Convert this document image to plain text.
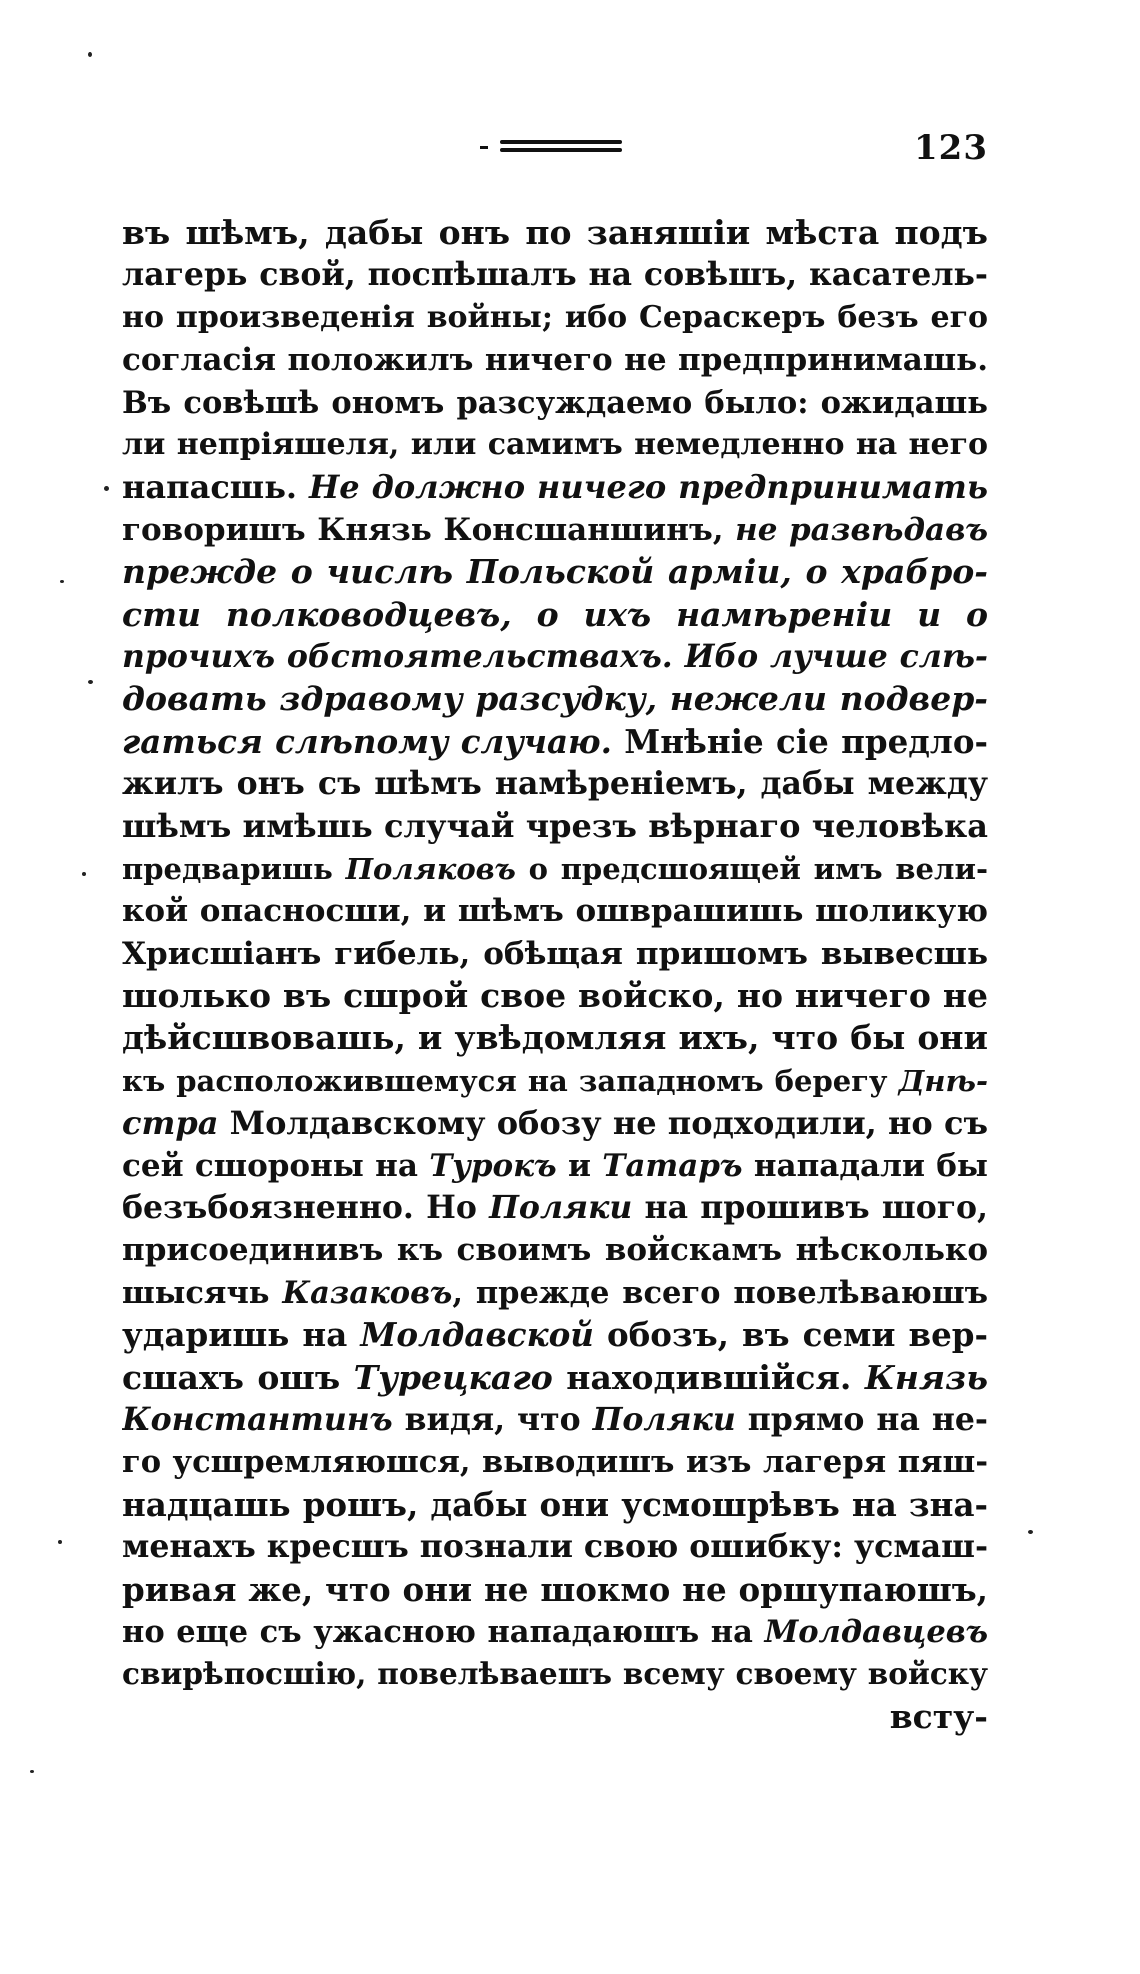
123
въ шѣмъ, дабы онъ по заняшіи мѣста подъ
лагерь свой, поспѣшалъ на совѣшъ, касатель-
но произведенія войны; ибо Сераскеръ безъ его
согласія положилъ ничего не предпринимашь.
Въ совѣшѣ ономъ разсуждаемо было: ожидашь
ли непріяшеля, или самимъ немедленно на него
напасшь. Не должно ничего предпринимать
говоришъ Князь Консшаншинъ, не развѣдавъ
прежде о числѣ Польской арміи, о храбро-
сти полководцевъ, о ихъ намѣреніи и о
прочихъ обстоятельствахъ. Ибо лучше слѣ-
довать здравому разсудку, нежели подвер-
гаться слѣпому случаю. Мнѣніе сіе предло-
жилъ онъ съ шѣмъ намѣреніемъ, дабы между
шѣмъ имѣшь случай чрезъ вѣрнаго человѣка
предваришь Поляковъ о предсшоящей имъ вели-
кой опасносши, и шѣмъ ошврашишь шоликую
Хрисшіанъ гибель, обѣщая пришомъ вывесшь
шолько въ сшрой свое войско, но ничего не
дѣйсшвовашь, и увѣдомляя ихъ, что бы они
къ расположившемуся на западномъ берегу Днѣ-
стра Молдавскому обозу не подходили, но съ
сей сшороны на Турокъ и Татаръ нападали бы
безъбоязненно. Но Поляки на прошивъ шого,
присоединивъ къ своимъ войскамъ нѣсколько
шысячь Казаковъ, прежде всего повелѣваюшъ
ударишь на Молдавской обозъ, въ семи вер-
сшахъ ошъ Турецкаго находившійся. Князь
Константинъ видя, что Поляки прямо на не-
го усшремляюшся, выводишъ изъ лагеря пяш-
надцашь рошъ, дабы они усмошрѣвъ на зна-
менахъ кресшъ познали свою ошибку: усмаш-
ривая же, что они не шокмо не оршупаюшъ,
но еще съ ужасною нападаюшъ на Молдавцевъ
свирѣпосшію, повелѣваешъ всему своему войску
всту-
